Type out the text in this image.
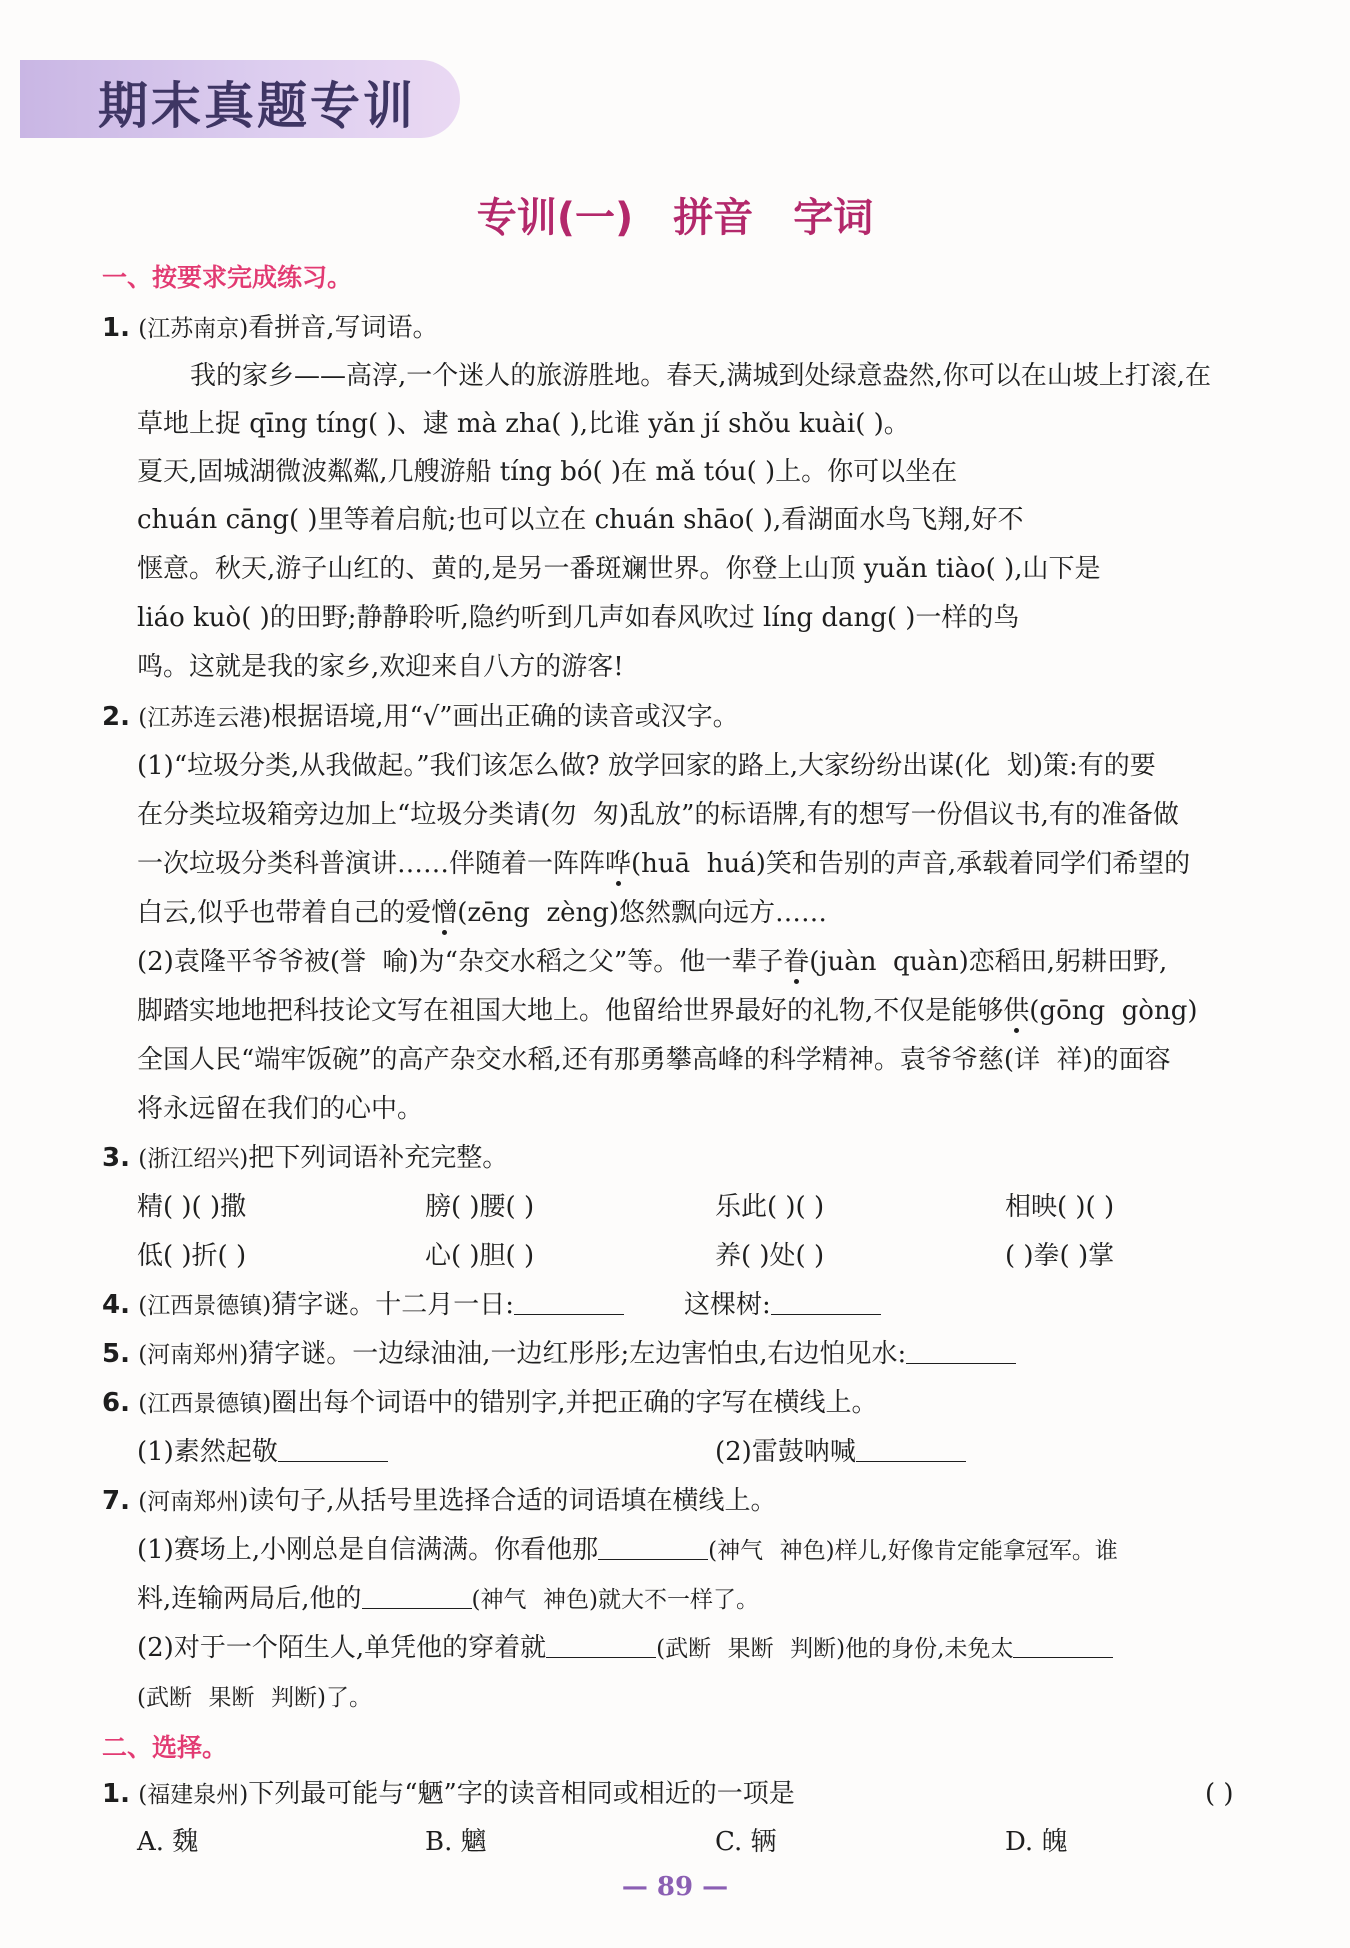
期末真题专训
专训(一) 拼音 字词
一、按要求完成练习。
1. (江苏南京)看拼音,写词语。
我的家乡——高淳,一个迷人的旅游胜地。春天,满城到处绿意盎然,你可以在山坡上打滚,在
草地上捉 qīng tíng( )、逮 mà zha( ),比谁 yǎn jí shǒu kuài( )。
夏天,固城湖微波粼粼,几艘游船 tíng bó( )在 mǎ tóu( )上。你可以坐在
chuán cāng( )里等着启航;也可以立在 chuán shāo( ),看湖面水鸟飞翔,好不
惬意。秋天,游子山红的、黄的,是另一番斑斓世界。你登上山顶 yuǎn tiào( ),山下是
liáo kuò( )的田野;静静聆听,隐约听到几声如春风吹过 líng dang( )一样的鸟
鸣。这就是我的家乡,欢迎来自八方的游客!
2. (江苏连云港)根据语境,用“√”画出正确的读音或汉字。
(1)“垃圾分类,从我做起。”我们该怎么做? 放学回家的路上,大家纷纷出谋(化 划)策:有的要
在分类垃圾箱旁边加上“垃圾分类请(勿 匆)乱放”的标语牌,有的想写一份倡议书,有的准备做
一次垃圾分类科普演讲……伴随着一阵阵哗(huā huá)笑和告别的声音,承载着同学们希望的
白云,似乎也带着自己的爱憎(zēng zèng)悠然飘向远方……
(2)袁隆平爷爷被(誉 喻)为“杂交水稻之父”等。他一辈子眷(juàn quàn)恋稻田,躬耕田野,
脚踏实地地把科技论文写在祖国大地上。他留给世界最好的礼物,不仅是能够供(gōng gòng)
全国人民“端牢饭碗”的高产杂交水稻,还有那勇攀高峰的科学精神。袁爷爷慈(详 祥)的面容
将永远留在我们的心中。
3. (浙江绍兴)把下列词语补充完整。
精( )( )撒	膀( )腰( )	乐此( )( )	相映( )( )
低( )折( )	心( )胆( )	养( )处( )	( )拳( )掌
4. (江西景德镇)猜字谜。十二月一日:	这棵树:
5. (河南郑州)猜字谜。一边绿油油,一边红彤彤;左边害怕虫,右边怕见水:
6. (江西景德镇)圈出每个词语中的错别字,并把正确的字写在横线上。
(1)素然起敬	(2)雷鼓呐喊
7. (河南郑州)读句子,从括号里选择合适的词语填在横线上。
(1)赛场上,小刚总是自信满满。你看他那	(神气 神色)样儿,好像肯定能拿冠军。谁
料,连输两局后,他的	(神气 神色)就大不一样了。
(2)对于一个陌生人,单凭他的穿着就	(武断 果断 判断)他的身份,未免太
(武断 果断 判断)了。
二、选择。
1. (福建泉州)下列最可能与“魉”字的读音相同或相近的一项是	( )
A. 魏	B. 魑	C. 辆	D. 魄
— 89 —
